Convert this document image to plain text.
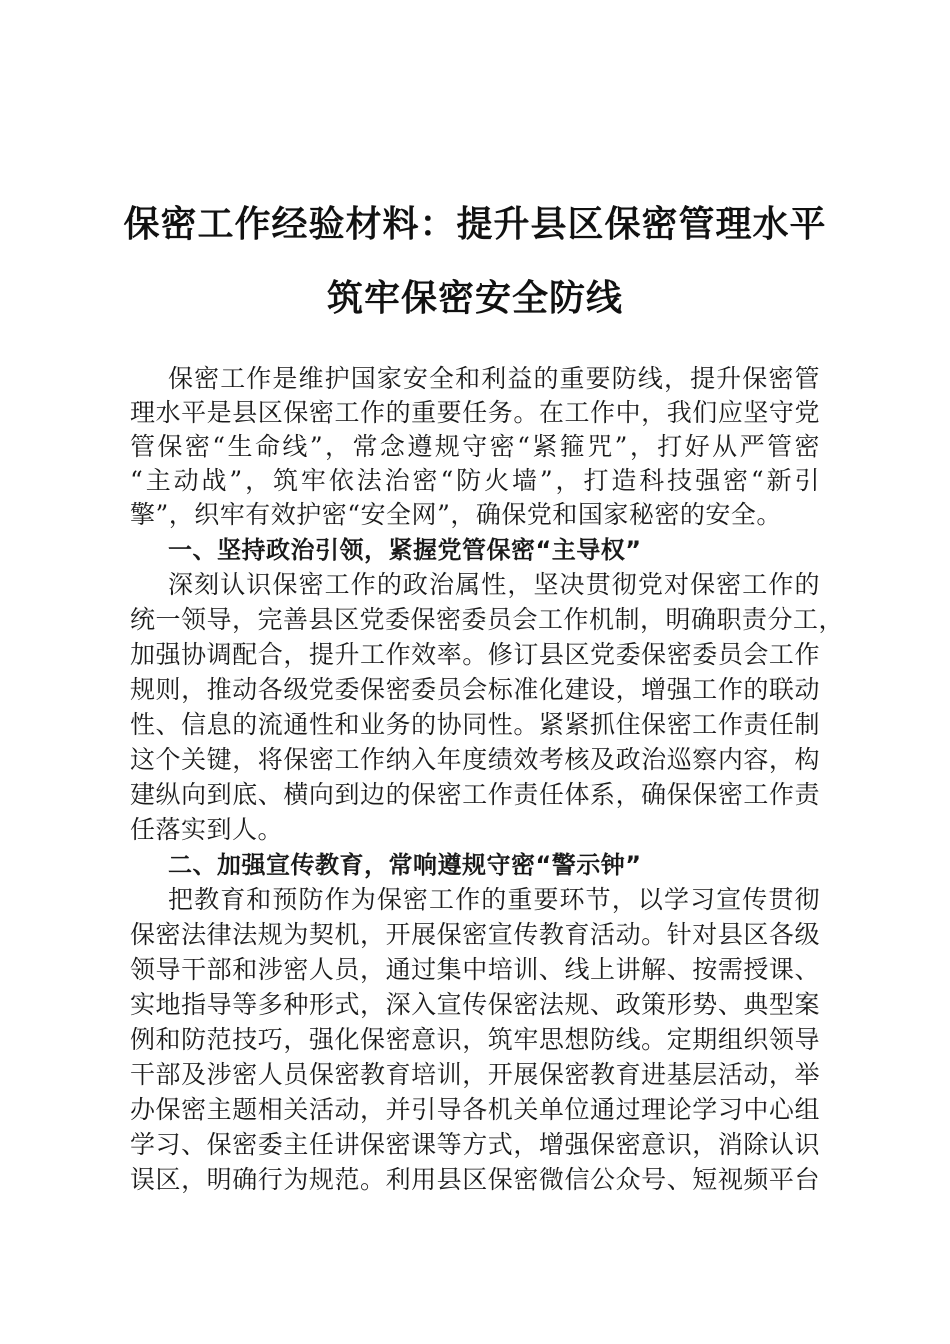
保密工作经验材料：提升县区保密管理水平
筑牢保密安全防线
保密工作是维护国家安全和利益的重要防线，提升保密管
理水平是县区保密工作的重要任务。在工作中，我们应坚守党
管保密“生命线”，常念遵规守密“紧箍咒”，打好从严管密
“主动战”，筑牢依法治密“防火墙”，打造科技强密“新引
擎”，织牢有效护密“安全网”，确保党和国家秘密的安全。
一、坚持政治引领，紧握党管保密“主导权”
深刻认识保密工作的政治属性，坚决贯彻党对保密工作的
统一领导，完善县区党委保密委员会工作机制，明确职责分工，
加强协调配合，提升工作效率。修订县区党委保密委员会工作
规则，推动各级党委保密委员会标准化建设，增强工作的联动
性、信息的流通性和业务的协同性。紧紧抓住保密工作责任制
这个关键，将保密工作纳入年度绩效考核及政治巡察内容，构
建纵向到底、横向到边的保密工作责任体系，确保保密工作责
任落实到人。
二、加强宣传教育，常响遵规守密“警示钟”
把教育和预防作为保密工作的重要环节，以学习宣传贯彻
保密法律法规为契机，开展保密宣传教育活动。针对县区各级
领导干部和涉密人员，通过集中培训、线上讲解、按需授课、
实地指导等多种形式，深入宣传保密法规、政策形势、典型案
例和防范技巧，强化保密意识，筑牢思想防线。定期组织领导
干部及涉密人员保密教育培训，开展保密教育进基层活动，举
办保密主题相关活动，并引导各机关单位通过理论学习中心组
学习、保密委主任讲保密课等方式，增强保密意识，消除认识
误区，明确行为规范。利用县区保密微信公众号、短视频平台
